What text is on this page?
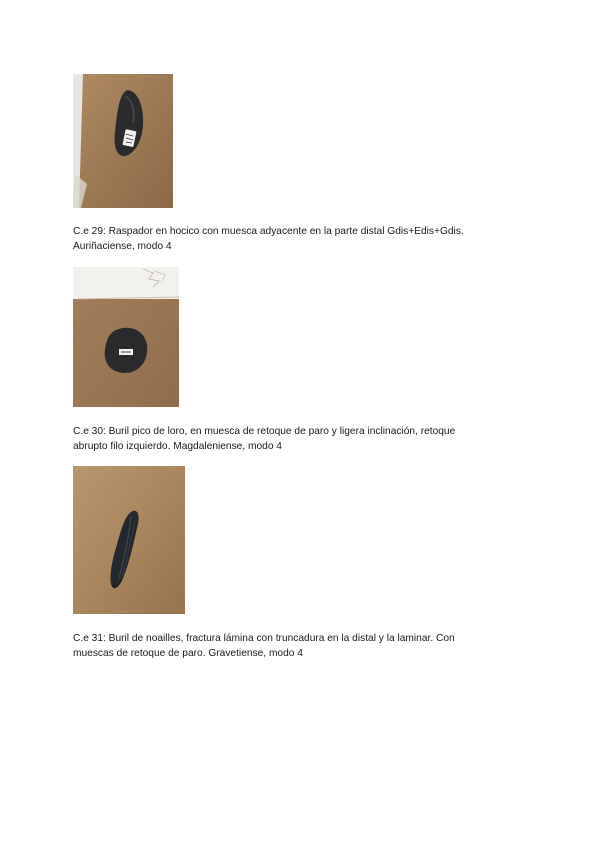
C.e 29: Raspador en hocico con muesca adyacente en la parte distal Gdis+Edis+Gdis.
Auriñaciense, modo 4
C.e 30: Buril pico de loro, en muesca de retoque de paro y ligera inclinación, retoque
abrupto filo izquierdo. Magdaleniense, modo 4
C.e 31: Buril de noailles, fractura lámina con truncadura en la distal y la laminar. Con
muescas de retoque de paro. Gravetiense, modo 4
